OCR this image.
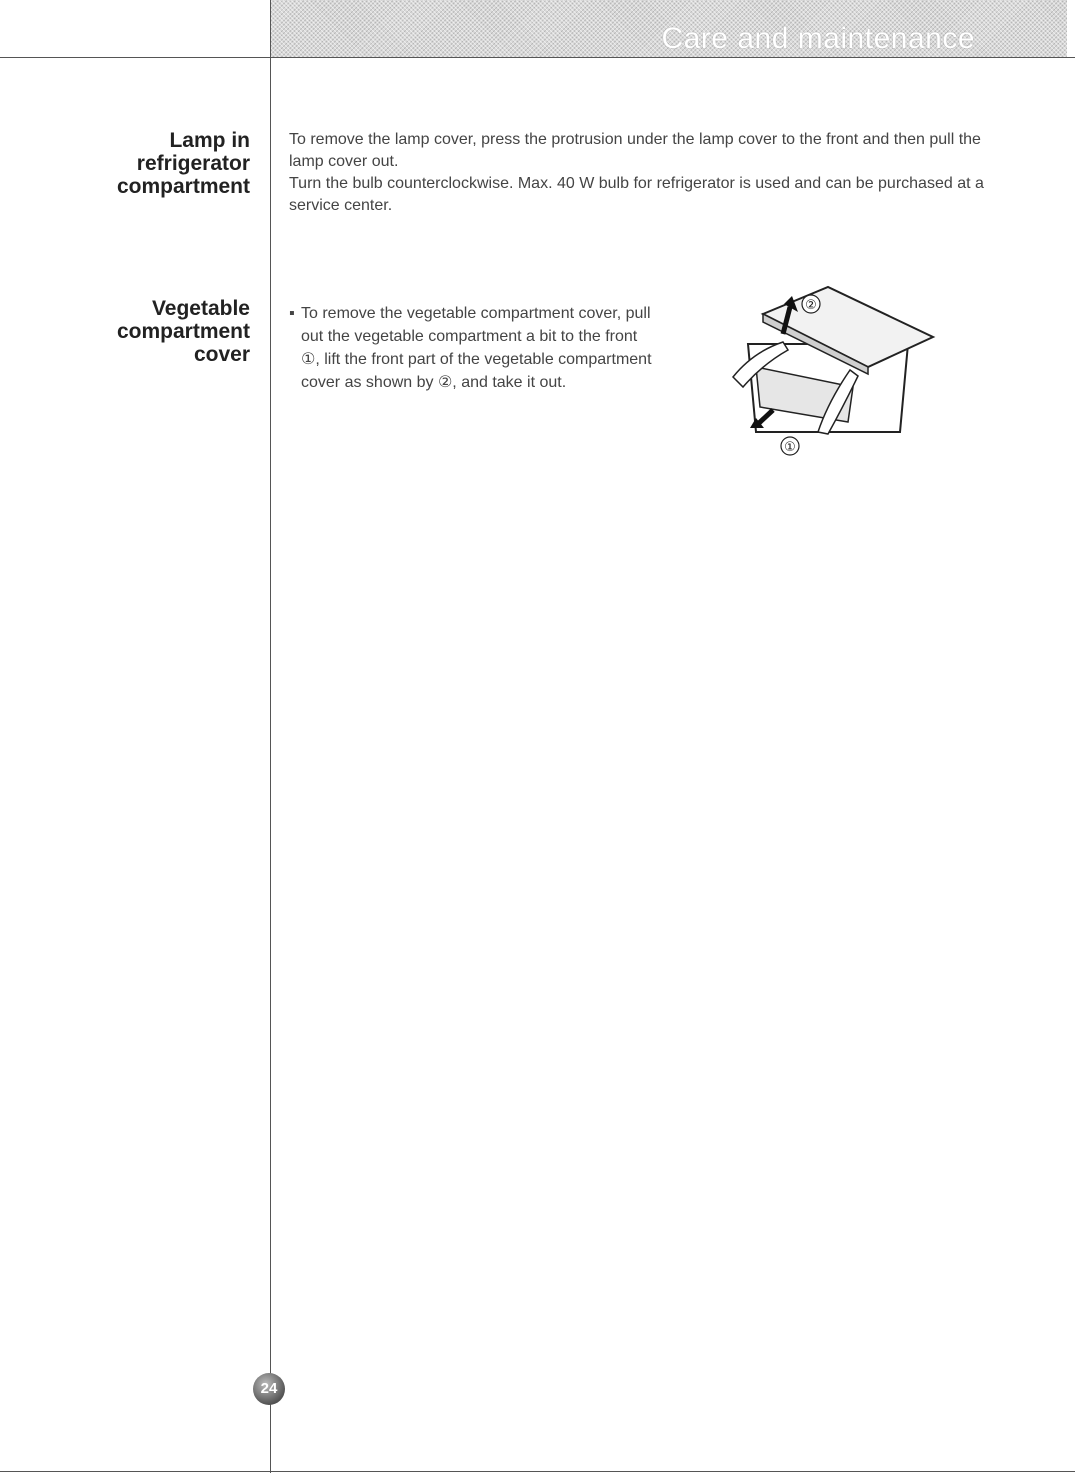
Care and maintenance
Lamp in
refrigerator
compartment

To remove the lamp cover, press the protrusion under the lamp cover to the front and then pull the lamp cover out.

Turn the bulb counterclockwise. Max. 40 W bulb for refrigerator is used and can be purchased at a service center.

Vegetable
compartment
cover
▪ To remove the vegetable compartment cover, pull out the vegetable compartment a bit to the front ①, lift the front part of the vegetable compartment cover as shown by ②, and take it out.
②
①
24
